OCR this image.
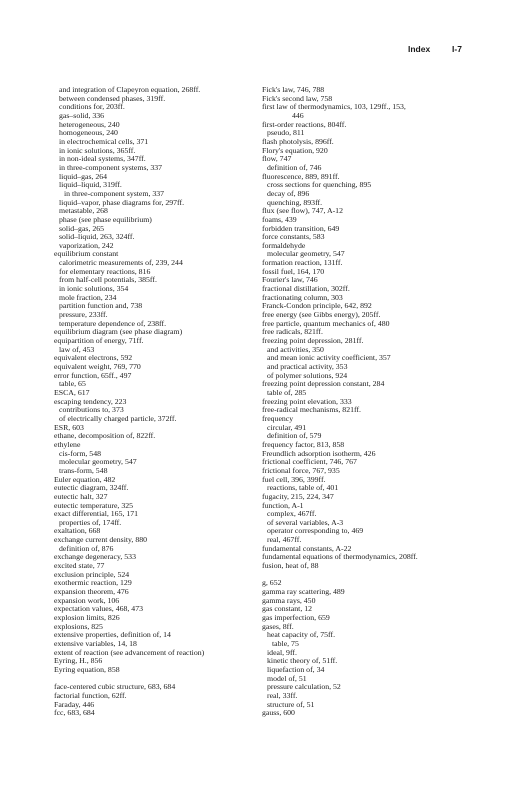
Index	I-7
and integration of Clapeyron equation, 268ff.
between condensed phases, 319ff.
conditions for, 203ff.
gas–solid, 336
heterogeneous, 240
homogeneous, 240
in electrochemical cells, 371
in ionic solutions, 365ff.
in non-ideal systems, 347ff.
in three-component systems, 337
liquid–gas, 264
liquid–liquid, 319ff.
in three-component system, 337
liquid–vapor, phase diagrams for, 297ff.
metastable, 268
phase (see phase equilibrium)
solid–gas, 265
solid–liquid, 263, 324ff.
vaporization, 242
equilibrium constant
calorimetric measurements of, 239, 244
for elementary reactions, 816
from half-cell potentials, 385ff.
in ionic solutions, 354
mole fraction, 234
partition function and, 738
pressure, 233ff.
temperature dependence of, 238ff.
equilibrium diagram (see phase diagram)
equipartition of energy, 71ff.
law of, 453
equivalent electrons, 592
equivalent weight, 769, 770
error function, 65ff., 497
table, 65
ESCA, 617
escaping tendency, 223
contributions to, 373
of electrically charged particle, 372ff.
ESR, 603
ethane, decomposition of, 822ff.
ethylene
cis-form, 548
molecular geometry, 547
trans-form, 548
Euler equation, 482
eutectic diagram, 324ff.
eutectic halt, 327
eutectic temperature, 325
exact differential, 165, 171
properties of, 174ff.
exaltation, 668
exchange current density, 880
definition of, 876
exchange degeneracy, 533
excited state, 77
exclusion principle, 524
exothermic reaction, 129
expansion theorem, 476
expansion work, 106
expectation values, 468, 473
explosion limits, 826
explosions, 825
extensive properties, definition of, 14
extensive variables, 14, 18
extent of reaction (see advancement of reaction)
Eyring, H., 856
Eyring equation, 858
face-centered cubic structure, 683, 684
factorial function, 62ff.
Faraday, 446
fcc, 683, 684
Fick's law, 746, 788
Fick's second law, 758
first law of thermodynamics, 103, 129ff., 153,
446
first-order reactions, 804ff.
pseudo, 811
flash photolysis, 896ff.
Flory's equation, 920
flow, 747
definition of, 746
fluorescence, 889, 891ff.
cross sections for quenching, 895
decay of, 896
quenching, 893ff.
flux (see flow), 747, A-12
foams, 439
forbidden transition, 649
force constants, 583
formaldehyde
molecular geometry, 547
formation reaction, 131ff.
fossil fuel, 164, 170
Fourier's law, 746
fractional distillation, 302ff.
fractionating column, 303
Franck-Condon principle, 642, 892
free energy (see Gibbs energy), 205ff.
free particle, quantum mechanics of, 480
free radicals, 821ff.
freezing point depression, 281ff.
and activities, 350
and mean ionic activity coefficient, 357
and practical activity, 353
of polymer solutions, 924
freezing point depression constant, 284
table of, 285
freezing point elevation, 333
free-radical mechanisms, 821ff.
frequency
circular, 491
definition of, 579
frequency factor, 813, 858
Freundlich adsorption isotherm, 426
frictional coefficient, 746, 767
frictional force, 767, 935
fuel cell, 396, 399ff.
reactions, table of, 401
fugacity, 215, 224, 347
function, A-1
complex, 467ff.
of several variables, A-3
operator corresponding to, 469
real, 467ff.
fundamental constants, A-22
fundamental equations of thermodynamics, 208ff.
fusion, heat of, 88
g, 652
gamma ray scattering, 489
gamma rays, 450
gas constant, 12
gas imperfection, 659
gases, 8ff.
heat capacity of, 75ff.
table, 75
ideal, 9ff.
kinetic theory of, 51ff.
liquefaction of, 34
model of, 51
pressure calculation, 52
real, 33ff.
structure of, 51
gauss, 600
